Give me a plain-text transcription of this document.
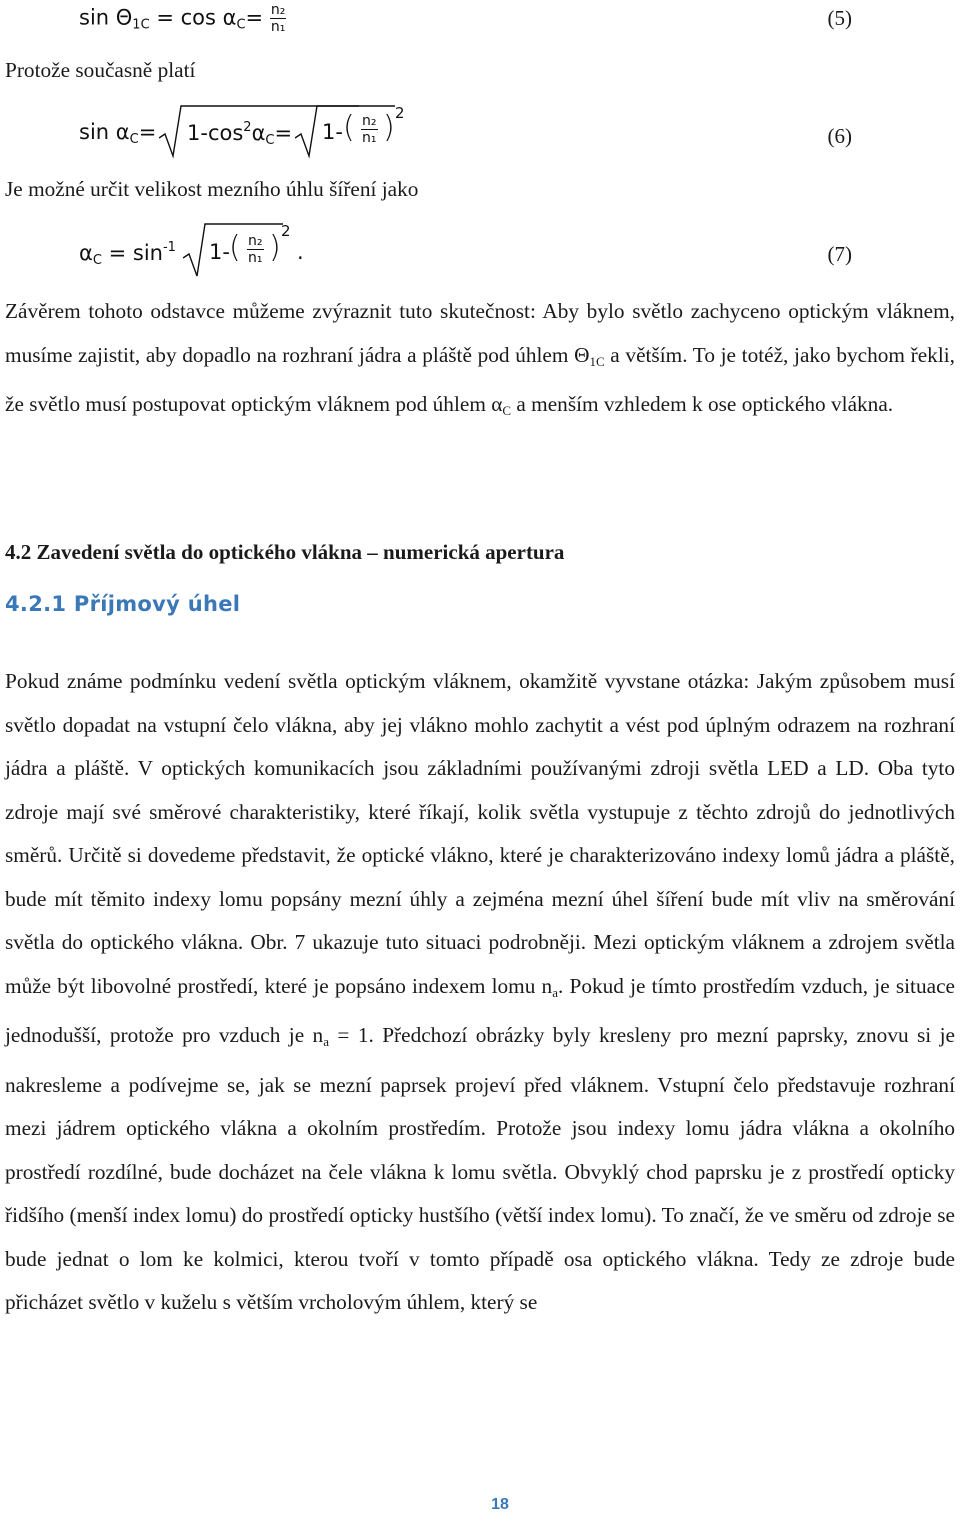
$\sin \Theta_{1C} = \cos \alpha_C= \frac{\text{n₂}}{\text{n₁}}$	(5)
Protože současně platí
$\sin \alpha_C= 1-\cos^2\alpha_C= 1-$ ( $\frac{\text{n₂}}{\text{n₁}}$ ) 2
(6)
Je možné určit velikost mezního úhlu šíření jako
$\alpha_C = \sin^{-1} 1-$ ( $\frac{\text{n₂}}{\text{n₁}}$ ) 2
.	(7)

Závěrem tohoto odstavce můžeme zvýraznit tuto skutečnost: Aby bylo světlo zachyceno optickým vláknem, musíme zajistit, aby dopadlo na rozhraní jádra a pláště pod úhlem $\Theta_{1C}$ a větším. To je totéž, jako bychom řekli, že světlo musí postupovat optickým vláknem pod úhlem $\alpha_C$ a menším vzhledem k ose optického vlákna.

4.2 Zavedení světla do optického vlákna – numerická apertura
4.2.1 Příjmový úhel

Pokud známe podmínku vedení světla optickým vláknem, okamžitě vyvstane otázka: Jakým způsobem musí světlo dopadat na vstupní čelo vlákna, aby jej vlákno mohlo zachytit a vést pod úplným odrazem na rozhraní jádra a pláště. V optických komunikacích jsou základními používanými zdroji světla LED a LD. Oba tyto zdroje mají své směrové charakteristiky, které říkají, kolik světla vystupuje z těchto zdrojů do jednotlivých směrů. Určitě si dovedeme představit, že optické vlákno, které je charakterizováno indexy lomů jádra a pláště, bude mít těmito indexy lomu popsány mezní úhly a zejména mezní úhel šíření bude mít vliv na směrování světla do optického vlákna. Obr. 7 ukazuje tuto situaci podrobněji. Mezi optickým vláknem a zdrojem světla může být libovolné prostředí, které je popsáno indexem lomu $n_a$. Pokud je tímto prostředím vzduch, je situace jednodušší, protože pro vzduch je $n_a = 1$. Předchozí obrázky byly kresleny pro mezní paprsky, znovu si je nakresleme a podívejme se, jak se mezní paprsek projeví před vláknem. Vstupní čelo představuje rozhraní mezi jádrem optického vlákna a okolním prostředím. Protože jsou indexy lomu jádra vlákna a okolního prostředí rozdílné, bude docházet na čele vlákna k lomu světla. Obvyklý chod paprsku je z prostředí opticky řidšího (menší index lomu) do prostředí opticky hustšího (větší index lomu). To značí, že ve směru od zdroje se bude jednat o lom ke kolmici, kterou tvoří v tomto případě osa optického vlákna. Tedy ze zdroje bude přicházet světlo v kuželu s větším vrcholovým úhlem, který se

18
